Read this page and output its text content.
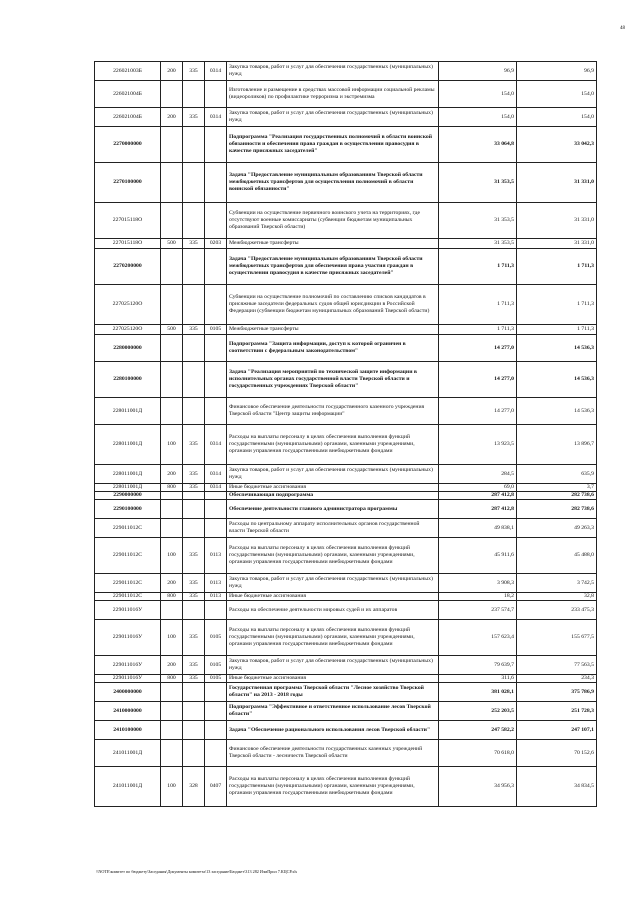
48
226021003Б	200	335	0314	Закупка товаров, работ и услуг для обеспечения государственных (муниципальных) нужд	96,9	96,9
226021004Б				Изготовление и размещение в средствах массовой информации социальной рекламы (видеороликов) по профилактике терроризма и экстремизма	154,0	154,0
226021004Б	200	335	0314	Закупка товаров, работ и услуг для обеспечения государственных (муниципальных) нужд	154,0	154,0
2270000000				Подпрограмма "Реализация государственных полномочий в области воинской обязанности и обеспечения права граждан в осуществлении правосудия в качестве присяжных заседателей"	33 064,8	33 042,3
2270100000				Задача "Предоставление муниципальным образованиям Тверской области межбюджетных трансфертов для осуществления полномочий в области воинской обязанности"	31 353,5	31 331,0
227015118О				Субвенции на осуществление первичного воинского учета на территориях, где отсутствуют военные комиссариаты (субвенции бюджетам муниципальных образований Тверской области)	31 353,5	31 331,0
227015118О	500	335	0203	Межбюджетные трансферты	31 353,5	31 331,0
2270200000				Задача "Предоставление муниципальным образованиям Тверской области межбюджетных трансфертов для обеспечения права участия граждан в осуществлении правосудия в качестве присяжных заседателей"	1 711,3	1 711,3
227025120О				Субвенции на осуществление полномочий по составлению списков кандидатов в присяжные заседатели федеральных судов общей юрисдикции в Российской Федерации (субвенции бюджетам муниципальных образований Тверской области)	1 711,3	1 711,3
227025120О	500	335	0105	Межбюджетные трансферты	1 711,3	1 711,3
2280000000				Подпрограмма "Защита информации, доступ к которой ограничен в соответствии с федеральным законодательством"	14 277,0	14 536,3
2280100000				Задача "Реализация мероприятий по технической защите информации в исполнительных органах государственной власти Тверской области и государственных учреждениях Тверской области"	14 277,0	14 536,3
228011001Д				Финансовое обеспечение деятельности государственного казенного учреждения Тверской области "Центр защиты информации"	14 277,0	14 536,3
228011001Д	100	335	0314	Расходы на выплаты персоналу в целях обеспечения выполнения функций государственными (муниципальными) органами, казенными учреждениями, органами управления государственными внебюджетными фондами	13 923,5	13 896,7
228011001Д	200	335	0314	Закупка товаров, работ и услуг для обеспечения государственных (муниципальных) нужд	284,5	635,9
228011001Д	800	335	0314	Иные бюджетные ассигнования	69,0	3,7
2290000000				Обеспечивающая подпрограмма	287 412,8	282 738,6
2290100000				Обеспечение деятельности главного администратора программы	287 412,8	282 738,6
229011012С				Расходы по центральному аппарату исполнительных органов государственной власти Тверской области	49 838,1	49 263,3
229011012С	100	335	0113	Расходы на выплаты персоналу в целях обеспечения выполнения функций государственными (муниципальными) органами, казенными учреждениями, органами управления государственными внебюджетными фондами	45 911,6	45 488,0
229011012С	200	335	0113	Закупка товаров, работ и услуг для обеспечения государственных (муниципальных) нужд	3 908,3	3 742,5
229011012С	800	335	0113	Иные бюджетные ассигнования	18,2	32,8
229011016У				Расходы на обеспечение деятельности мировых судей и их аппаратов	237 574,7	233 475,3
229011016У	100	335	0105	Расходы на выплаты персоналу в целях обеспечения выполнения функций государственными (муниципальными) органами, казенными учреждениями, органами управления государственными внебюджетными фондами	157 623,4	155 677,5
229011016У	200	335	0105	Закупка товаров, работ и услуг для обеспечения государственных (муниципальных) нужд	79 639,7	77 563,5
229011016У	800	335	0105	Иные бюджетные ассигнования	311,6	234,3
2400000000				Государственная программа Тверской области "Лесное хозяйство Тверской области" на 2013 - 2018 годы	381 028,1	375 786,9
2410000000				Подпрограмма "Эффективное и ответственное использование лесов Тверской области"	252 203,5	251 728,3
2410100000				Задача "Обеспечение рационального использования лесов Тверской области"	247 582,2	247 107,1
241011001Д				Финансовое обеспечение деятельности государственных казенных учреждений Тверской области - лесничеств Тверской области	70 618,0	70 152,6
241011001Д	100	328	0407	Расходы на выплаты персоналу в целях обеспечения выполнения функций государственными (муниципальными) органами, казенными учреждениями, органами управления государственными внебюджетными фондами	34 956,3	34 834,5
\\NOTE\комитет по бюджету\Заседания\Документы комитета\13 заседание\Бюджет\313 282 ИзмПрил 7.КЦСР.xls
